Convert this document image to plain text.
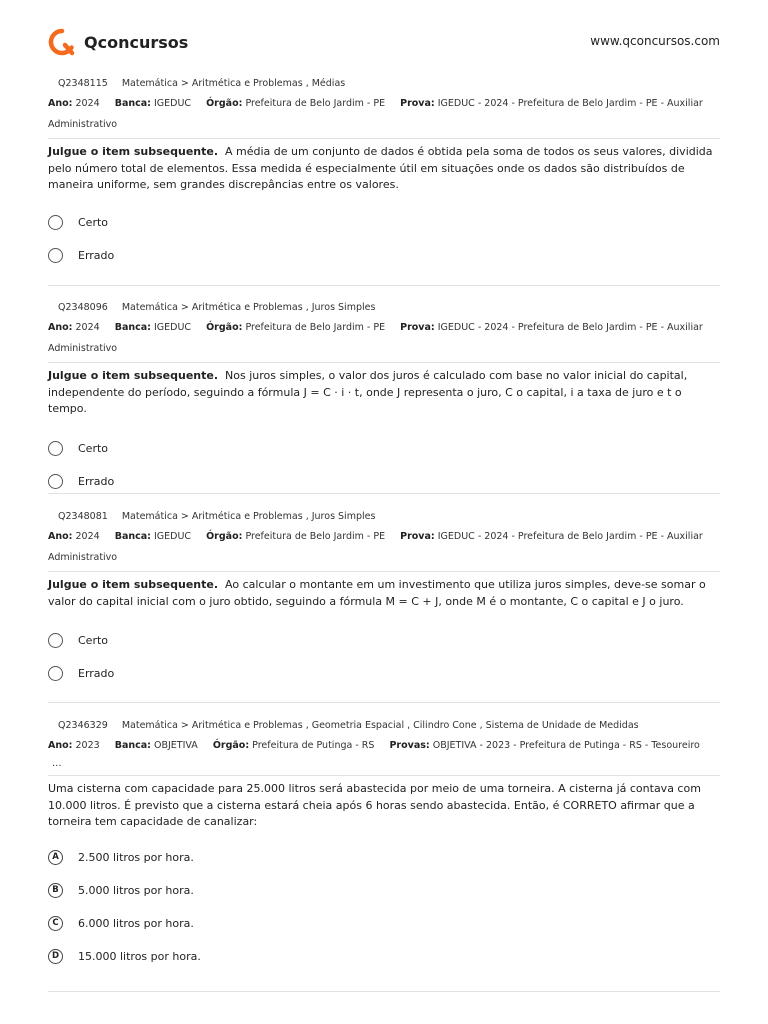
Qconcursos	www.qconcursos.com
Q2348115 Matemática > Aritmética e Problemas , Médias
Ano: 2024 Banca: IGEDUC Órgão: Prefeitura de Belo Jardim - PE Prova: IGEDUC - 2024 - Prefeitura de Belo Jardim - PE - Auxiliar Administrativo
Julgue o item subsequente. A média de um conjunto de dados é obtida pela soma de todos os seus valores, dividida pelo número total de elementos. Essa medida é especialmente útil em situações onde os dados são distribuídos de maneira uniforme, sem grandes discrepâncias entre os valores.
Certo
Errado
Q2348096 Matemática > Aritmética e Problemas , Juros Simples
Ano: 2024 Banca: IGEDUC Órgão: Prefeitura de Belo Jardim - PE Prova: IGEDUC - 2024 - Prefeitura de Belo Jardim - PE - Auxiliar Administrativo
Julgue o item subsequente. Nos juros simples, o valor dos juros é calculado com base no valor inicial do capital, independente do período, seguindo a fórmula J = C · i · t, onde J representa o juro, C o capital, i a taxa de juro e t o tempo.
Certo
Errado
Q2348081 Matemática > Aritmética e Problemas , Juros Simples
Ano: 2024 Banca: IGEDUC Órgão: Prefeitura de Belo Jardim - PE Prova: IGEDUC - 2024 - Prefeitura de Belo Jardim - PE - Auxiliar Administrativo
Julgue o item subsequente. Ao calcular o montante em um investimento que utiliza juros simples, deve-se somar o valor do capital inicial com o juro obtido, seguindo a fórmula M = C + J, onde M é o montante, C o capital e J o juro.
Certo
Errado
Q2346329 Matemática > Aritmética e Problemas , Geometria Espacial , Cilindro Cone , Sistema de Unidade de Medidas
Ano: 2023 Banca: OBJETIVA Órgão: Prefeitura de Putinga - RS Provas: OBJETIVA - 2023 - Prefeitura de Putinga - RS - Tesoureiro
...
Uma cisterna com capacidade para 25.000 litros será abastecida por meio de uma torneira. A cisterna já contava com 10.000 litros. É previsto que a cisterna estará cheia após 6 horas sendo abastecida. Então, é CORRETO afirmar que a torneira tem capacidade de canalizar:
A	2.500 litros por hora.
B	5.000 litros por hora.
C	6.000 litros por hora.
D	15.000 litros por hora.
